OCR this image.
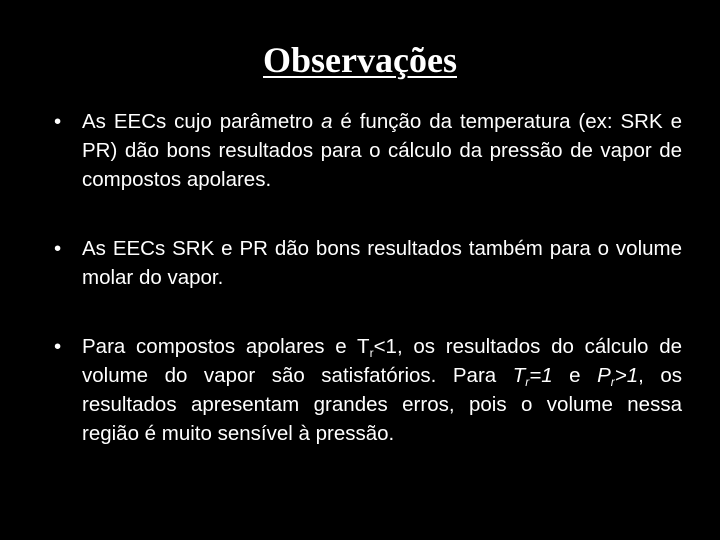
Observações
• As EECs cujo parâmetro a é função da temperatura (ex: SRK e PR) dão bons resultados para o cálculo da pressão de vapor de compostos apolares.
• As EECs SRK e PR dão bons resultados também para o volume molar do vapor.
• Para compostos apolares e $T_r<1$, os resultados do cálculo de volume do vapor são satisfatórios. Para $T_r=1$ e $P_r>1$, os resultados apresentam grandes erros, pois o volume nessa região é muito sensível à pressão.
